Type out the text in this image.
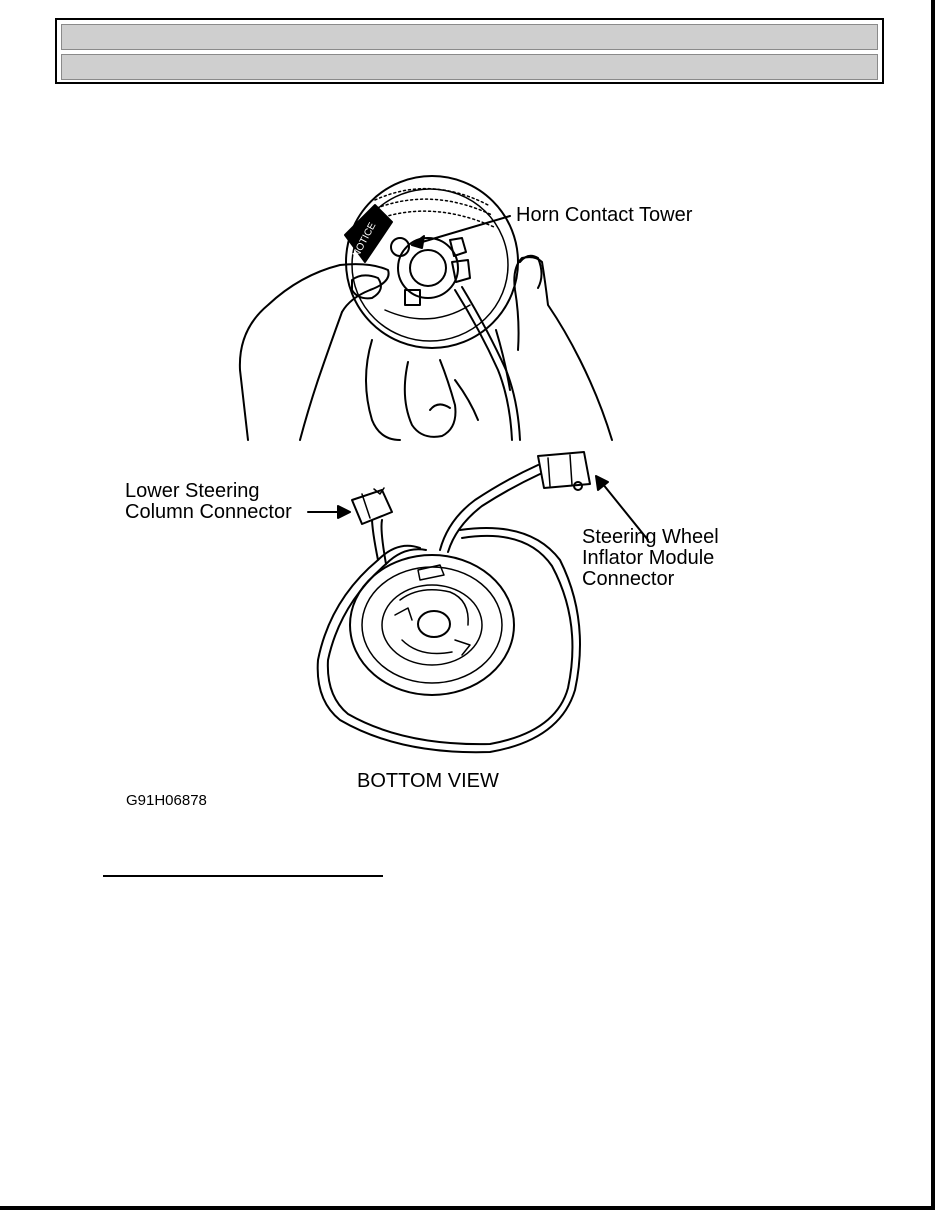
NOTICE
Horn Contact Tower
Lower Steering
Column Connector
Steering Wheel
Inflator Module
Connector
BOTTOM VIEW
G91H06878
